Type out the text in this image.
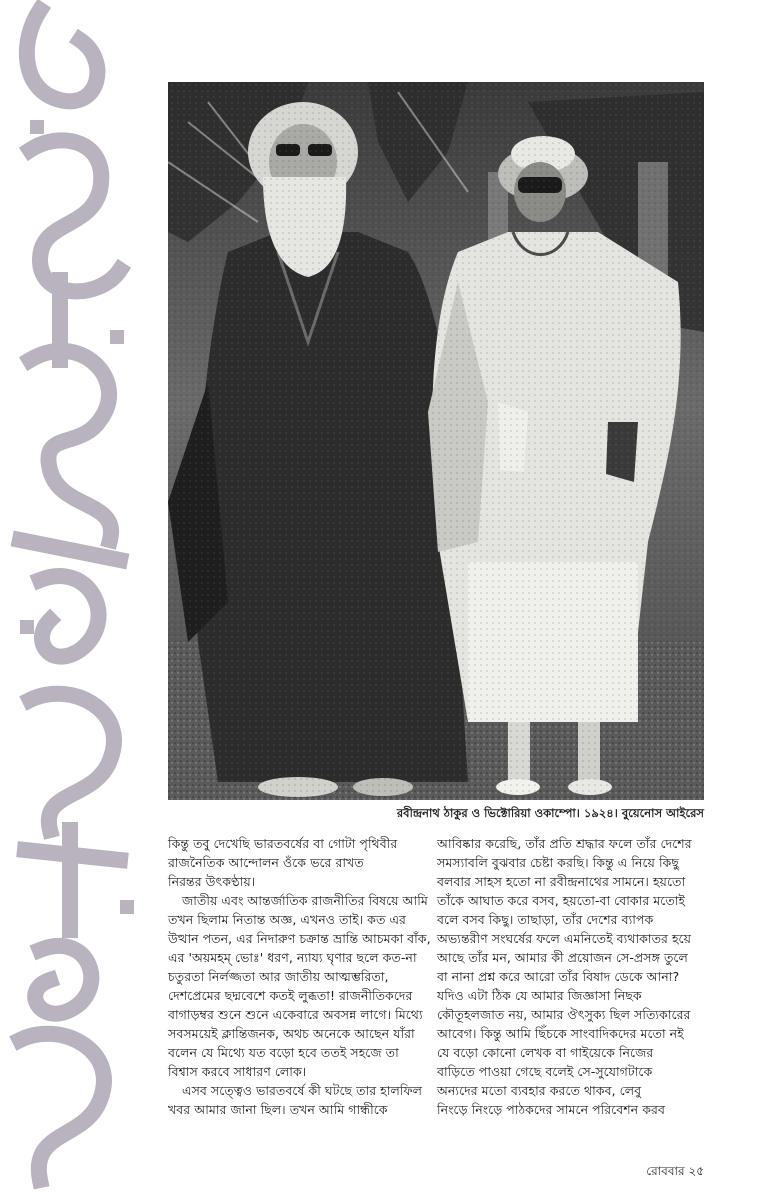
রবীন্দ্রনাথ ঠাকুর ও ভিক্টোরিয়া ওকাম্পো। ১৯২৪। বুয়েনোস আইরেস

কিন্তু তবু দেখেছি ভারতবর্ষের বা গোটা পৃথিবীর

রাজনৈতিক আন্দোলন ওঁকে ভরে রাখত

নিরন্তর উৎকণ্ঠায়।

জাতীয় এবং আন্তর্জাতিক রাজনীতির বিষয়ে আমি

তখন ছিলাম নিতান্ত অজ্ঞ, এখনও তাই। কত এর

উত্থান পতন, এর নিদারুণ চক্রান্ত ভ্রান্তি আচমকা বাঁক,

এর 'অয়মহম্‌ ভোঃ' ধরণ, ন্যায্য ঘৃণার ছলে কত-না

চতুরতা নির্লজ্জতা আর জাতীয় আত্মম্ভরিতা,

দেশপ্রেমের ছদ্মবেশে কতই লুব্ধতা! রাজনীতিকদের

বাগাড়ম্বর শুনে শুনে একেবারে অবসন্ন লাগে। মিথ্যে

সবসময়েই ক্লান্তিজনক, অথচ অনেকে আছেন যাঁরা

বলেন যে মিথ্যে যত বড়ো হবে ততই সহজে তা

বিশ্বাস করবে সাধারণ লোক।

এসব সত্ত্বেও ভারতবর্ষে কী ঘটছে তার হালফিল

খবর আমার জানা ছিল। তখন আমি গান্ধীকে

আবিষ্কার করেছি, তাঁর প্রতি শ্রদ্ধার ফলে তাঁর দেশের

সমস্যাবলি বুঝবার চেষ্টা করছি। কিন্তু এ নিয়ে কিছু

বলবার সাহস হতো না রবীন্দ্রনাথের সামনে। হয়তো

তাঁকে আঘাত করে বসব, হয়তো-বা বোকার মতোই

বলে বসব কিছু। তাছাড়া, তাঁর দেশের ব্যাপক

অভ্যন্তরীণ সংঘর্ষের ফলে এমনিতেই ব্যথাকাতর হয়ে

আছে তাঁর মন, আমার কী প্রয়োজন সে-প্রসঙ্গ তুলে

বা নানা প্রশ্ন করে আরো তাঁর বিষাদ ডেকে আনা?

যদিও এটা ঠিক যে আমার জিজ্ঞাসা নিছক

কৌতূহলজাত নয়, আমার ঔৎসুক্য ছিল সত্যিকারের

আবেগ। কিন্তু আমি ছিঁচকে সাংবাদিকদের মতো নই

যে বড়ো কোনো লেখক বা গাইয়েকে নিজের

বাড়িতে পাওয়া গেছে বলেই সে-সুযোগটাকে

অন্যদের মতো ব্যবহার করতে থাকব, লেবু

নিংড়ে নিংড়ে পাঠকদের সামনে পরিবেশন করব

রোববার ২৫
